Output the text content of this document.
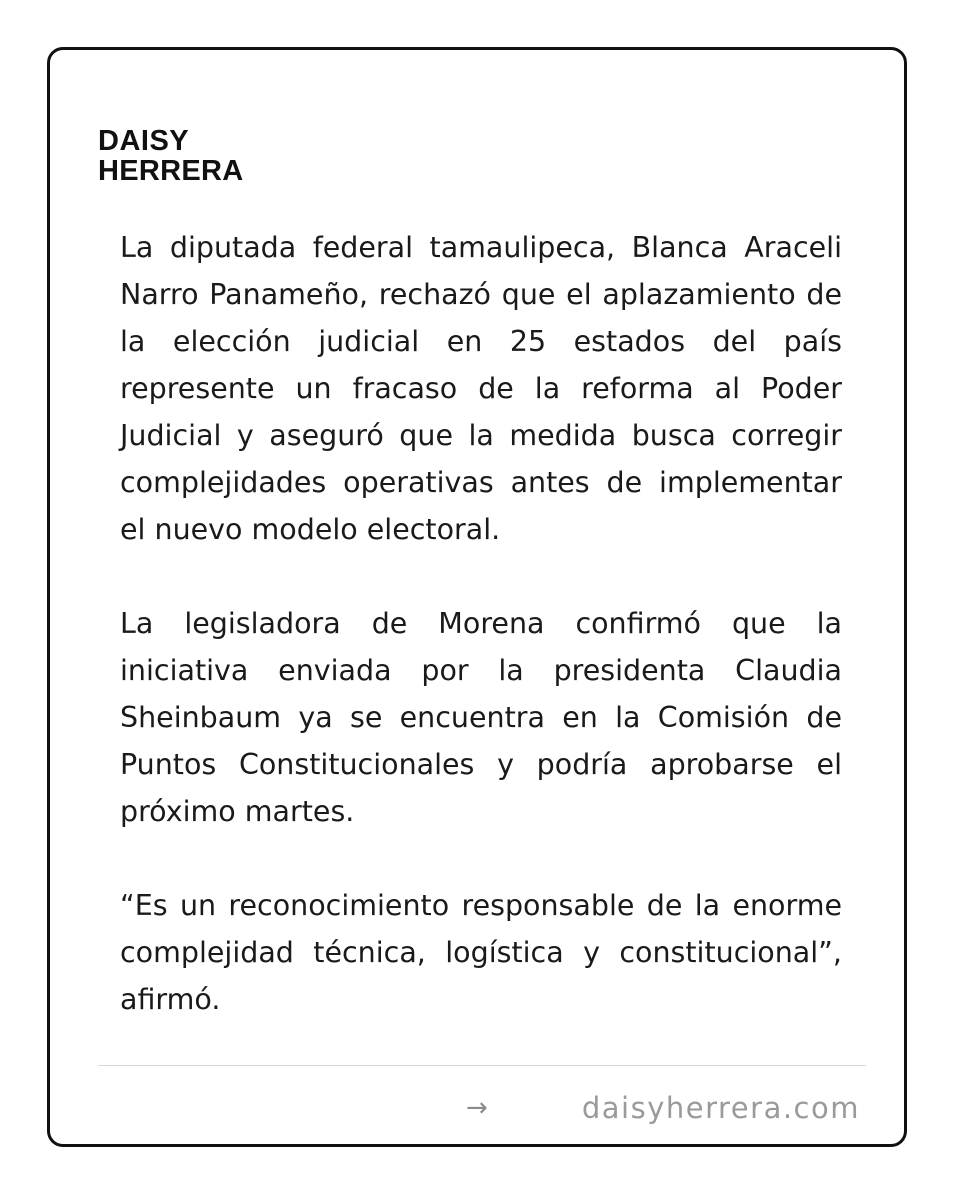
DAISY
HERRERA

La diputada federal tamaulipeca, Blanca Araceli Narro Panameño, rechazó que el aplazamiento de la elección judicial en 25 estados del país represente un fracaso de la reforma al Poder Judicial y aseguró que la medida busca corregir complejidades operativas antes de implementar el nuevo modelo electoral.

La legisladora de Morena confirmó que la iniciativa enviada por la presidenta Claudia Sheinbaum ya se encuentra en la Comisión de Puntos Constitucionales y podría aprobarse el próximo martes.

“Es un reconocimiento responsable de la enorme complejidad técnica, logística y constitucional”, afirmó.

→	daisyherrera.com
